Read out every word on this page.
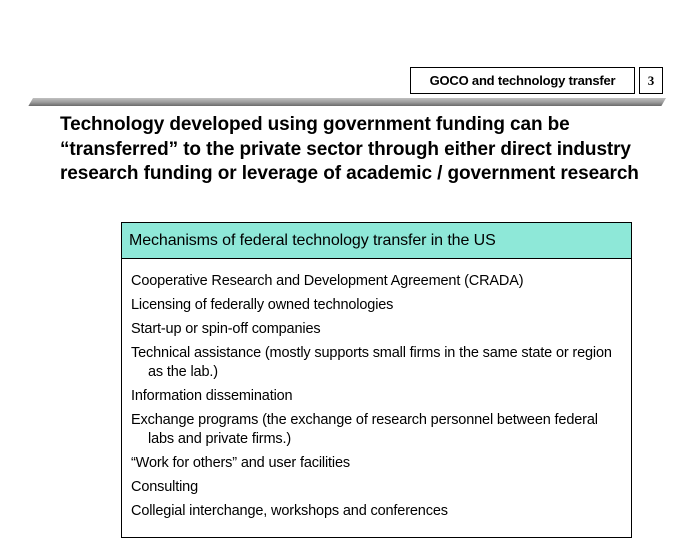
GOCO and technology transfer 3
Technology developed using government funding can be “transferred” to the private sector through either direct industry research funding or leverage of academic / government research
Mechanisms of federal technology transfer in the US
Cooperative Research and Development Agreement (CRADA)
Licensing of federally owned technologies
Start-up or spin-off companies
Technical assistance (mostly supports small firms in the same state or region as the lab.)
Information dissemination
Exchange programs (the exchange of research personnel between federal labs and private firms.)
“Work for others” and user facilities
Consulting
Collegial interchange, workshops and conferences
